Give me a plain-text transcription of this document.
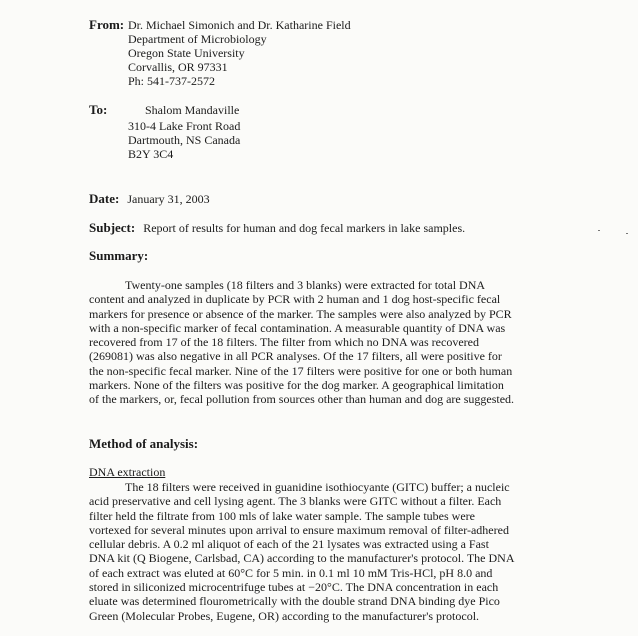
From: Dr. Michael Simonich and Dr. Katharine Field
Department of Microbiology
Oregon State University
Corvallis, OR 97331
Ph: 541-737-2572
To:	Shalom Mandaville
310-4 Lake Front Road
Dartmouth, NS Canada
B2Y 3C4
Date: January 31, 2003
Subject: Report of results for human and dog fecal markers in lake samples.
Summary:
Twenty-one samples (18 filters and 3 blanks) were extracted for total DNA
content and analyzed in duplicate by PCR with 2 human and 1 dog host-specific fecal
markers for presence or absence of the marker. The samples were also analyzed by PCR
with a non-specific marker of fecal contamination. A measurable quantity of DNA was
recovered from 17 of the 18 filters. The filter from which no DNA was recovered
(269081) was also negative in all PCR analyses. Of the 17 filters, all were positive for
the non-specific fecal marker. Nine of the 17 filters were positive for one or both human
markers. None of the filters was positive for the dog marker. A geographical limitation
of the markers, or, fecal pollution from sources other than human and dog are suggested.
Method of analysis:
DNA extraction
The 18 filters were received in guanidine isothiocyante (GITC) buffer; a nucleic
acid preservative and cell lysing agent. The 3 blanks were GITC without a filter. Each
filter held the filtrate from 100 mls of lake water sample. The sample tubes were
vortexed for several minutes upon arrival to ensure maximum removal of filter-adhered
cellular debris. A 0.2 ml aliquot of each of the 21 lysates was extracted using a Fast
DNA kit (Q Biogene, Carlsbad, CA) according to the manufacturer's protocol. The DNA
of each extract was eluted at 60°C for 5 min. in 0.1 ml 10 mM Tris-HCl, pH 8.0 and
stored in siliconized microcentrifuge tubes at −20°C. The DNA concentration in each
eluate was determined flourometrically with the double strand DNA binding dye Pico
Green (Molecular Probes, Eugene, OR) according to the manufacturer's protocol.
